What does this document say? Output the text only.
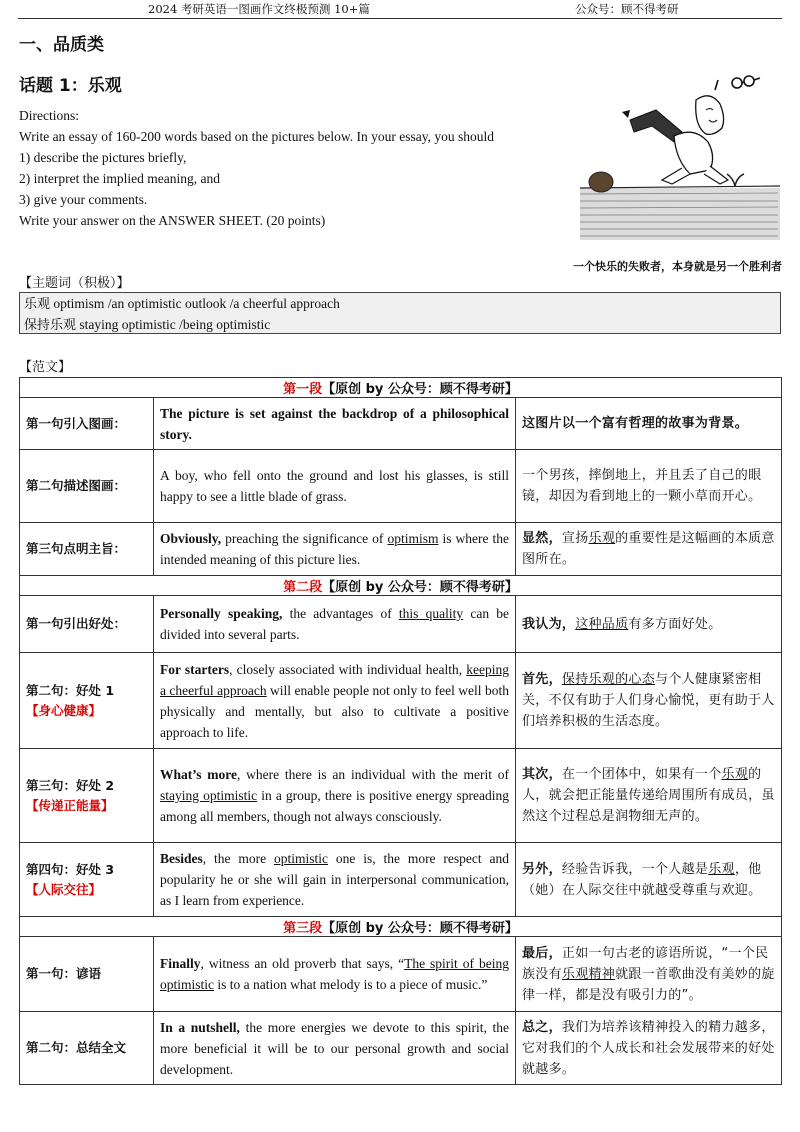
2024 考研英语一图画作文终极预测 10+篇	公众号：顾不得考研
一、品质类
话题 1：乐观
Directions:
Write an essay of 160-200 words based on the pictures below. In your essay, you should
1) describe the pictures briefly,
2) interpret the implied meaning, and
3) give your comments.
Write your answer on the ANSWER SHEET. (20 points)
一个快乐的失败者，本身就是另一个胜利者
【主题词（积极）】
乐观 optimism /an optimistic outlook /a cheerful approach
保持乐观 staying optimistic /being optimistic
【范文】
第一段【原创 by 公众号：顾不得考研】		
第一句引入图画：	The picture is set against the backdrop of a philosophical story.	这图片以一个富有哲理的故事为背景。
第二句描述图画：	A boy, who fell onto the ground and lost his glasses, is still happy to see a little blade of grass.	一个男孩，摔倒地上，并且丢了自己的眼镜，却因为看到地上的一颗小草而开心。
第三句点明主旨：	Obviously, preaching the significance of optimism is where the intended meaning of this picture lies.	显然，宣扬乐观的重要性是这幅画的本质意图所在。
第二段【原创 by 公众号：顾不得考研】		
第一句引出好处：	Personally speaking, the advantages of this quality can be divided into several parts.	我认为，这种品质有多方面好处。

第二句：好处 1
【身心健康】	For starters, closely associated with individual health, keeping a cheerful approach will enable people not only to feel well both physically and mentally, but also to cultivate a positive approach to life.	首先，保持乐观的心态与个人健康紧密相关，不仅有助于人们身心愉悦，更有助于人们培养积极的生活态度。

第三句：好处 2
【传递正能量】	What’s more, where there is an individual with the merit of staying optimistic in a group, there is positive energy spreading among all members, though not always consciously.	其次，在一个团体中，如果有一个乐观的人，就会把正能量传递给周围所有成员，虽然这个过程总是润物细无声的。

第四句：好处 3
【人际交往】	Besides, the more optimistic one is, the more respect and popularity he or she will gain in interpersonal communication, as I learn from experience.	另外，经验告诉我，一个人越是乐观，他（她）在人际交往中就越受尊重与欢迎。
第三段【原创 by 公众号：顾不得考研】		
第一句：谚语	Finally, witness an old proverb that says, “The spirit of being optimistic is to a nation what melody is to a piece of music.”	最后，正如一句古老的谚语所说，“一个民族没有乐观精神就跟一首歌曲没有美妙的旋律一样，都是没有吸引力的”。
第二句：总结全文	In a nutshell, the more energies we devote to this spirit, the more beneficial it will be to our personal growth and social development.	总之，我们为培养该精神投入的精力越多，它对我们的个人成长和社会发展带来的好处就越多。
